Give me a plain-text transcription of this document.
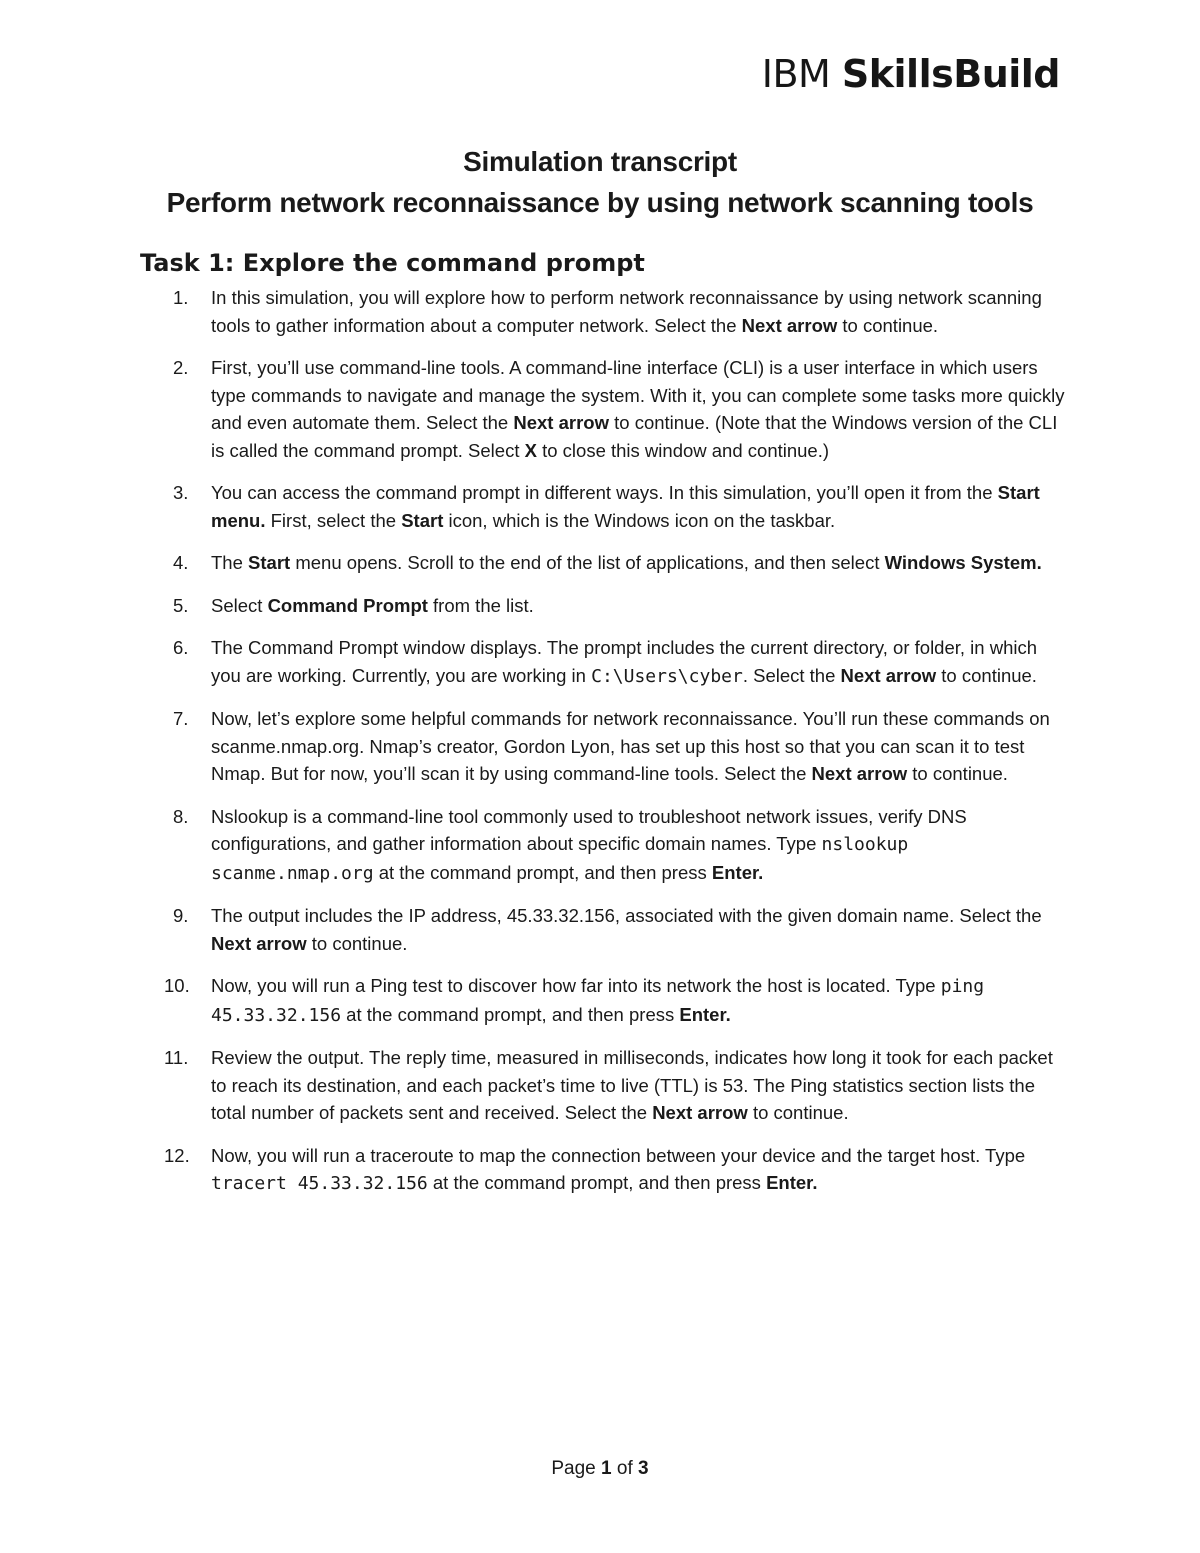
IBM SkillsBuild
Simulation transcript
Perform network reconnaissance by using network scanning tools
Task 1: Explore the command prompt
1. In this simulation, you will explore how to perform network reconnaissance by using network scanning tools to gather information about a computer network. Select the Next arrow to continue.
2. First, you’ll use command-line tools. A command-line interface (CLI) is a user interface in which users type commands to navigate and manage the system. With it, you can complete some tasks more quickly and even automate them. Select the Next arrow to continue. (Note that the Windows version of the CLI is called the command prompt. Select X to close this window and continue.)
3. You can access the command prompt in different ways. In this simulation, you’ll open it from the Start menu. First, select the Start icon, which is the Windows icon on the taskbar.
4. The Start menu opens. Scroll to the end of the list of applications, and then select Windows System.
5. Select Command Prompt from the list.
6. The Command Prompt window displays. The prompt includes the current directory, or folder, in which you are working. Currently, you are working in C:\Users\cyber. Select the Next arrow to continue.
7. Now, let’s explore some helpful commands for network reconnaissance. You’ll run these commands on scanme.nmap.org. Nmap’s creator, Gordon Lyon, has set up this host so that you can scan it to test Nmap. But for now, you’ll scan it by using command-line tools. Select the Next arrow to continue.
8. Nslookup is a command-line tool commonly used to troubleshoot network issues, verify DNS configurations, and gather information about specific domain names. Type nslookup scanme.nmap.org at the command prompt, and then press Enter.
9. The output includes the IP address, 45.33.32.156, associated with the given domain name. Select the Next arrow to continue.
10. Now, you will run a Ping test to discover how far into its network the host is located. Type ping 45.33.32.156 at the command prompt, and then press Enter.
11. Review the output. The reply time, measured in milliseconds, indicates how long it took for each packet to reach its destination, and each packet’s time to live (TTL) is 53. The Ping statistics section lists the total number of packets sent and received. Select the Next arrow to continue.
12. Now, you will run a traceroute to map the connection between your device and the target host. Type tracert 45.33.32.156 at the command prompt, and then press Enter.
Page 1 of 3
